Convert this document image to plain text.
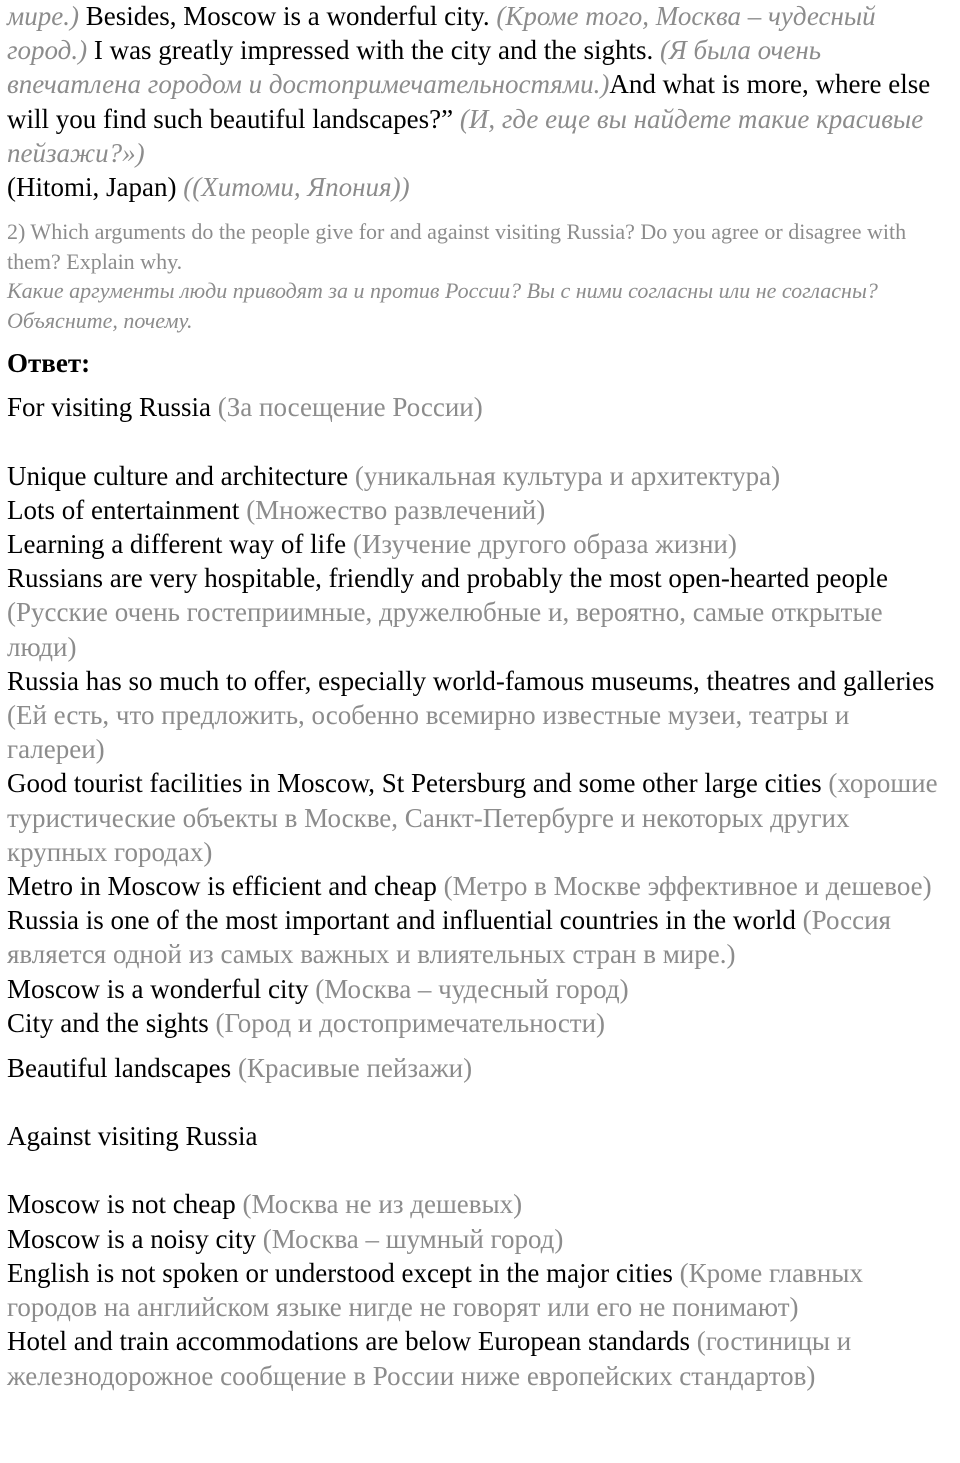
мире.) Besides, Moscow is a wonderful city. (Кроме того, Москва – чудесный город.) I was greatly impressed with the city and the sights. (Я была очень впечатлена городом и достопримечательностями.)And what is more, where else will you find such beautiful landscapes?” (И, где еще вы найдете такие красивые пейзажи?»)

(Hitomi, Japan) ((Хитоми, Япония))

2) Which arguments do the people give for and against visiting Russia? Do you agree or disagree with them? Explain why.

Какие аргументы люди приводят за и против России? Вы с ними согласны или не согласны? Объясните, почему.

Ответ:

For visiting Russia (За посещение России)

Unique culture and architecture (уникальная культура и архитектура)

Lots of entertainment (Множество развлечений)

Learning a different way of life (Изучение другого образа жизни)

Russians are very hospitable, friendly and probably the most open-hearted people (Русские очень гостеприимные, дружелюбные и, вероятно, самые открытые люди)

Russia has so much to offer, especially world-famous museums, theatres and galleries (Ей есть, что предложить, особенно всемирно известные музеи, театры и галереи)

Good tourist facilities in Moscow, St Petersburg and some other large cities (хорошие туристические объекты в Москве, Санкт-Петербурге и некоторых других крупных городах)

Metro in Moscow is efficient and cheap (Метро в Москве эффективное и дешевое)

Russia is one of the most important and influential countries in the world (Россия является одной из самых важных и влиятельных стран в мире.)

Moscow is a wonderful city (Москва – чудесный город)

City and the sights (Город и достопримечательности)

Beautiful landscapes (Красивые пейзажи)

Against visiting Russia

Moscow is not cheap (Москва не из дешевых)

Moscow is a noisy city (Москва – шумный город)

English is not spoken or understood except in the major cities (Кроме главных городов на английском языке нигде не говорят или его не понимают)

Hotel and train accommodations are below European standards (гостиницы и железнодорожное сообщение в России ниже европейских стандартов)
